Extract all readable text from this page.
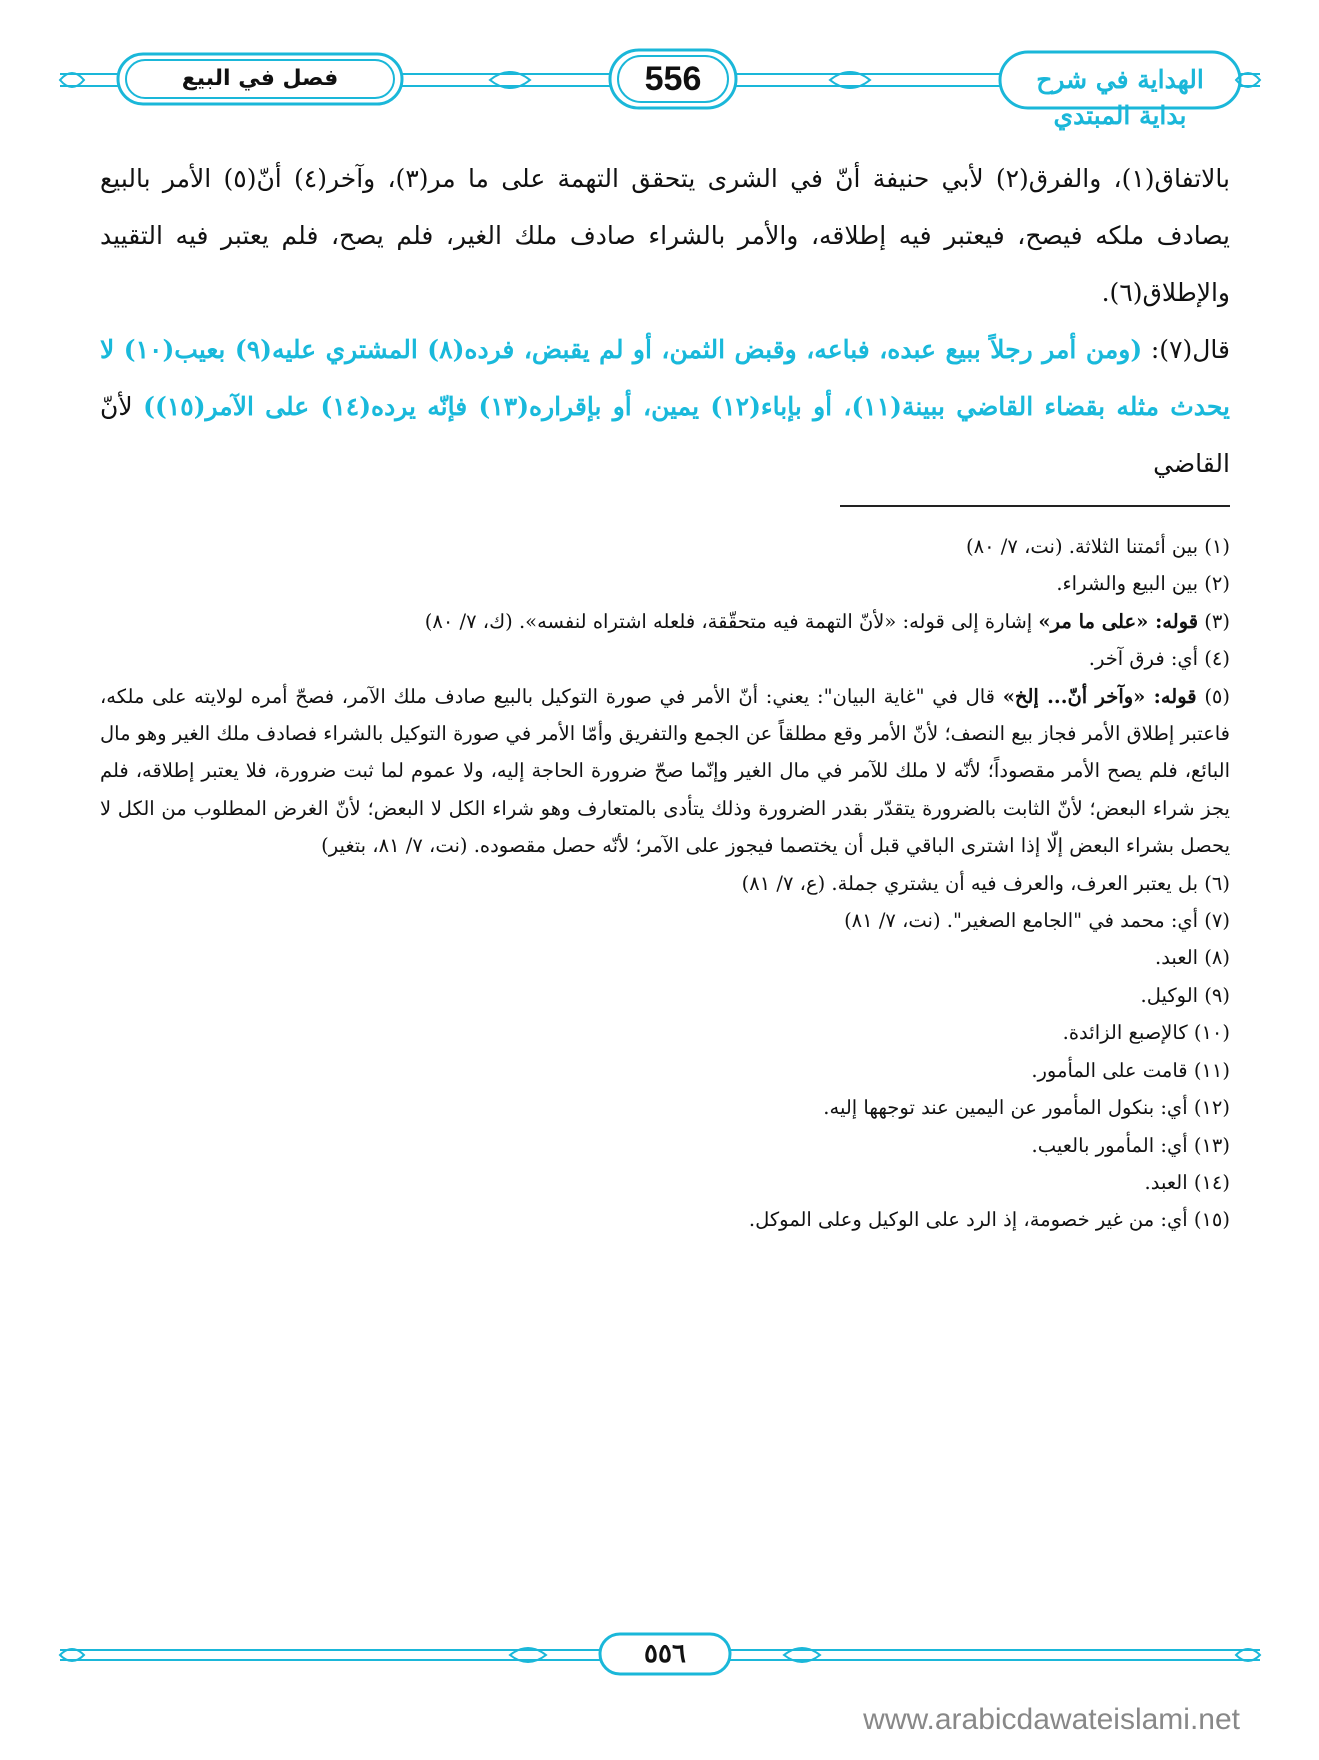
الهداية في شرح بداية المبتدي
556
فصل في البيع

بالاتفاق(١)، والفرق(٢) لأبي حنيفة أنّ في الشرى يتحقق التهمة على ما مر(٣)، وآخر(٤) أنّ(٥) الأمر بالبيع يصادف ملكه فيصح، فيعتبر فيه إطلاقه، والأمر بالشراء صادف ملك الغير، فلم يصح، فلم يعتبر فيه التقييد والإطلاق(٦).

قال(٧): (ومن أمر رجلاً ببيع عبده، فباعه، وقبض الثمن، أو لم يقبض، فرده(٨) المشتري عليه(٩) بعيب(١٠) لا يحدث مثله بقضاء القاضي ببينة(١١)، أو بإباء(١٢) يمين، أو بإقراره(١٣) فإنّه يرده(١٤) على الآمر(١٥)) لأنّ القاضي

(١) بين أئمتنا الثلاثة. (نت، ٧/ ٨٠)
(٢) بين البيع والشراء.
(٣) قوله: «على ما مر» إشارة إلى قوله: «لأنّ التهمة فيه متحقّقة، فلعله اشتراه لنفسه». (ك، ٧/ ٨٠)
(٤) أي: فرق آخر.
(٥) قوله: «وآخر أنّ... إلخ» قال في "غاية البيان": يعني: أنّ الأمر في صورة التوكيل بالبيع صادف ملك الآمر، فصحّ أمره لولايته على ملكه، فاعتبر إطلاق الأمر فجاز بيع النصف؛ لأنّ الأمر وقع مطلقاً عن الجمع والتفريق وأمّا الأمر في صورة التوكيل بالشراء فصادف ملك الغير وهو مال البائع، فلم يصح الأمر مقصوداً؛ لأنّه لا ملك للآمر في مال الغير وإنّما صحّ ضرورة الحاجة إليه، ولا عموم لما ثبت ضرورة، فلا يعتبر إطلاقه، فلم يجز شراء البعض؛ لأنّ الثابت بالضرورة يتقدّر بقدر الضرورة وذلك يتأدى بالمتعارف وهو شراء الكل لا البعض؛ لأنّ الغرض المطلوب من الكل لا يحصل بشراء البعض إلّا إذا اشترى الباقي قبل أن يختصما فيجوز على الآمر؛ لأنّه حصل مقصوده. (نت، ٧/ ٨١، بتغير)
(٦) بل يعتبر العرف، والعرف فيه أن يشتري جملة. (ع، ٧/ ٨١)
(٧) أي: محمد في "الجامع الصغير". (نت، ٧/ ٨١)
(٨) العبد.
(٩) الوكيل.
(١٠) كالإصبع الزائدة.
(١١) قامت على المأمور.
(١٢) أي: بنكول المأمور عن اليمين عند توجهها إليه.
(١٣) أي: المأمور بالعيب.
(١٤) العبد.
(١٥) أي: من غير خصومة، إذ الرد على الوكيل وعلى الموكل.
٥٥٦
www.arabicdawateislami.net
